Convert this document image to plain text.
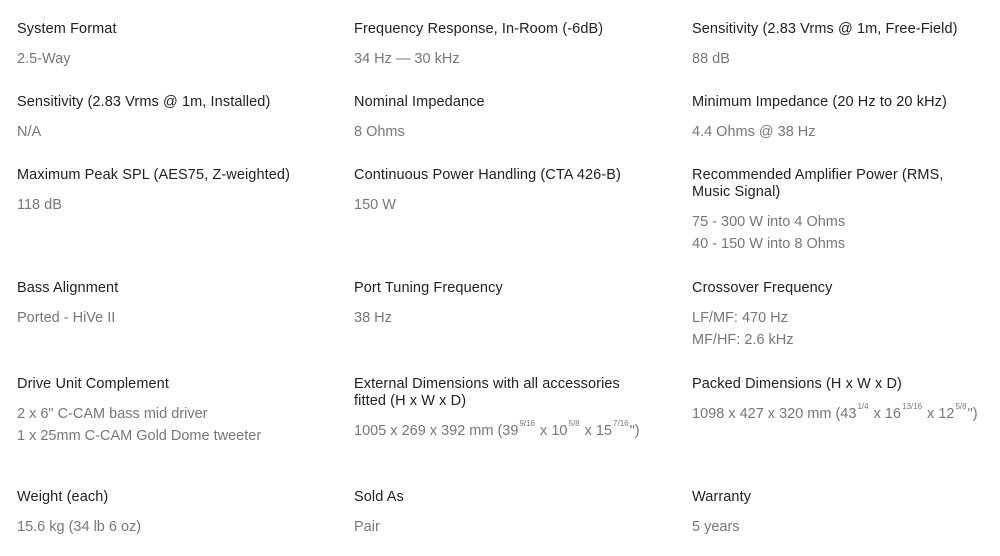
System Format

2.5-Way

Frequency Response, In-Room (-6dB)

34 Hz — 30 kHz

Sensitivity (2.83 Vrms @ 1m, Free-Field)

88 dB

Sensitivity (2.83 Vrms @ 1m, Installed)

N/A

Nominal Impedance

8 Ohms

Minimum Impedance (20 Hz to 20 kHz)

4.4 Ohms @ 38 Hz

Maximum Peak SPL (AES75, Z-weighted)

118 dB

Continuous Power Handling (CTA 426-B)

150 W

Recommended Amplifier Power (RMS, Music Signal)

75 - 300 W into 4 Ohms

40 - 150 W into 8 Ohms

Bass Alignment

Ported - HiVe II

Port Tuning Frequency

38 Hz

Crossover Frequency

LF/MF: 470 Hz

MF/HF: 2.6 kHz

Drive Unit Complement

2 x 6" C-CAM bass mid driver

1 x 25mm C-CAM Gold Dome tweeter

External Dimensions with all accessories fitted (H x W x D)

1005 x 269 x 392 mm ($39^{9/16}$ x $10^{5/8}$ x $15^{7/16}$")

Packed Dimensions (H x W x D)

1098 x 427 x 320 mm ($43^{1/4}$ x $16^{13/16}$ x $12^{5/8}$")

Weight (each)

15.6 kg (34 lb 6 oz)

Sold As

Pair

Warranty

5 years
